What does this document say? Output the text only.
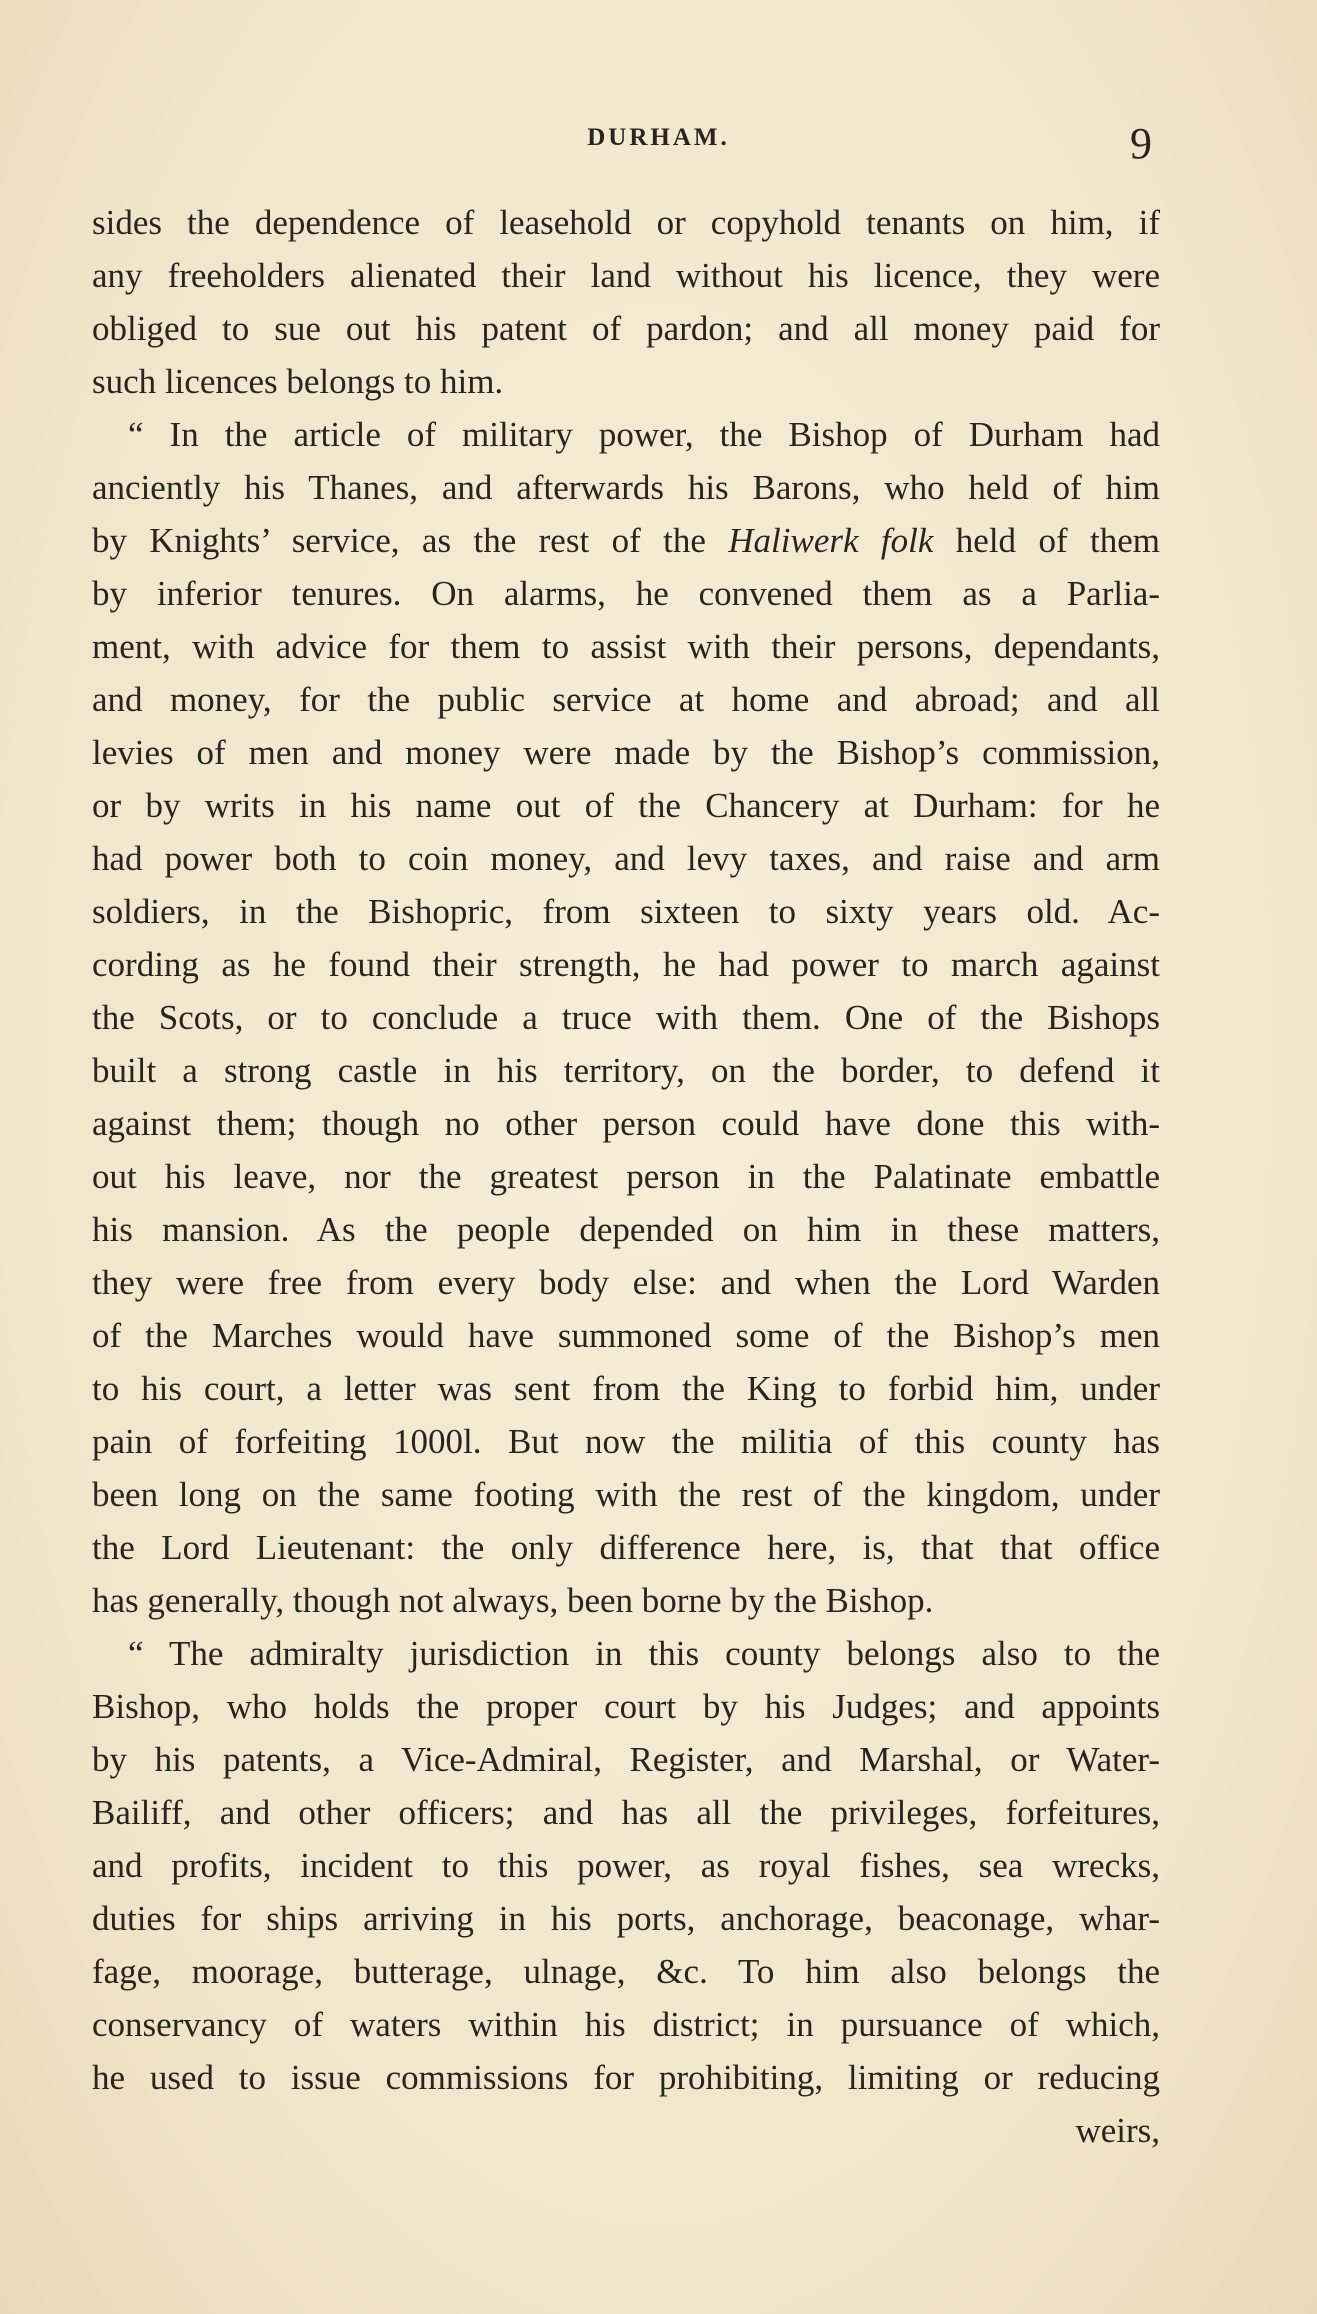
DURHAM.	9
sides the dependence of leasehold or copyhold tenants on him, if
any freeholders alienated their land without his licence, they were
obliged to sue out his patent of pardon; and all money paid for
such licences belongs to him.
“ In the article of military power, the Bishop of Durham had
anciently his Thanes, and afterwards his Barons, who held of him
by Knights’ service, as the rest of the Haliwerk folk held of them
by inferior tenures. On alarms, he convened them as a Parlia-
ment, with advice for them to assist with their persons, dependants,
and money, for the public service at home and abroad; and all
levies of men and money were made by the Bishop’s commission,
or by writs in his name out of the Chancery at Durham: for he
had power both to coin money, and levy taxes, and raise and arm
soldiers, in the Bishopric, from sixteen to sixty years old. Ac-
cording as he found their strength, he had power to march against
the Scots, or to conclude a truce with them. One of the Bishops
built a strong castle in his territory, on the border, to defend it
against them; though no other person could have done this with-
out his leave, nor the greatest person in the Palatinate embattle
his mansion. As the people depended on him in these matters,
they were free from every body else: and when the Lord Warden
of the Marches would have summoned some of the Bishop’s men
to his court, a letter was sent from the King to forbid him, under
pain of forfeiting 1000l. But now the militia of this county has
been long on the same footing with the rest of the kingdom, under
the Lord Lieutenant: the only difference here, is, that that office
has generally, though not always, been borne by the Bishop.
“ The admiralty jurisdiction in this county belongs also to the
Bishop, who holds the proper court by his Judges; and appoints
by his patents, a Vice-Admiral, Register, and Marshal, or Water-
Bailiff, and other officers; and has all the privileges, forfeitures,
and profits, incident to this power, as royal fishes, sea wrecks,
duties for ships arriving in his ports, anchorage, beaconage, whar-
fage, moorage, butterage, ulnage, &c. To him also belongs the
conservancy of waters within his district; in pursuance of which,
he used to issue commissions for prohibiting, limiting or reducing
weirs,
